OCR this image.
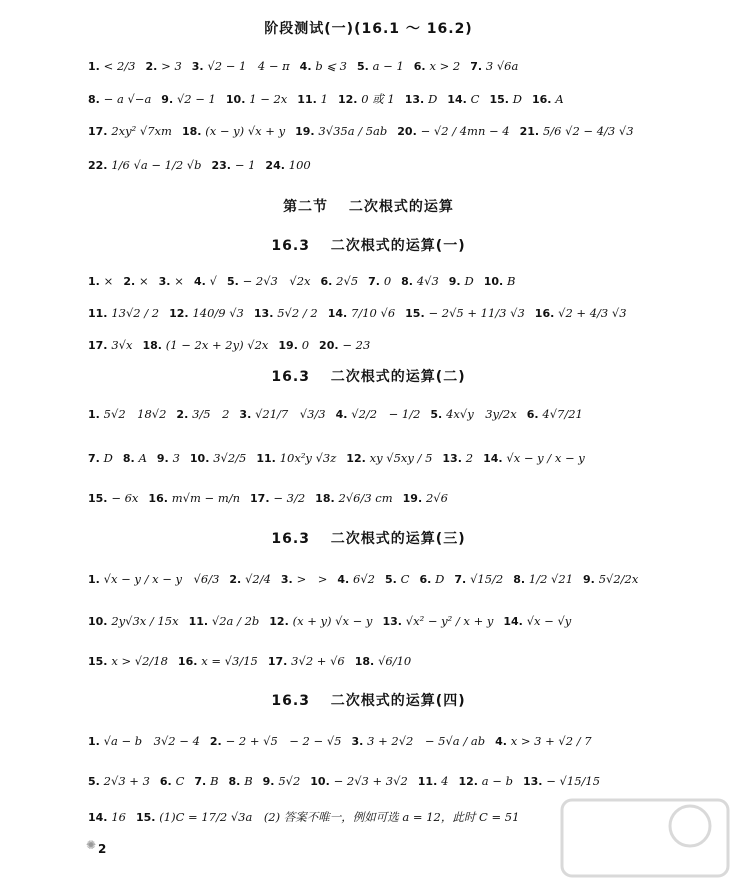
阶段测试(一)(16.1 ～ 16.2)
1. < 2/3 2. > 3 3. √2 − 1　4 − π 4. b ⩽ 3 5. a − 1 6. x > 2 7. 3 √6a
8. − a √−a 9. √2 − 1 10. 1 − 2x 11. 1 12. 0 或 1 13. D 14. C 15. D 16. A
17. 2xy² √7xm 18. (x − y) √x + y 19. 3√35a / 5ab 20. − √2 / 4mn − 4 21. 5/6 √2 − 4/3 √3
22. 1/6 √a − 1/2 √b 23. − 1 24. 100
第二节　 二次根式的运算
16.3　 二次根式的运算(一)
1. × 2. × 3. × 4. √ 5. − 2√3　√2x 6. 2√5 7. 0 8. 4√3 9. D 10. B
11. 13√2 / 2 12. 140/9 √3 13. 5√2 / 2 14. 7/10 √6 15. − 2√5 + 11/3 √3 16. √2 + 4/3 √3
17. 3√x 18. (1 − 2x + 2y) √2x 19. 0 20. − 23
16.3　 二次根式的运算(二)
1. 5√2　18√2 2. 3/5　2 3. √21/7　√3/3 4. √2/2　− 1/2 5. 4x√y　3y/2x 6. 4√7/21
7. D 8. A 9. 3 10. 3√2/5 11. 10x²y √3z 12. xy √5xy / 5 13. 2 14. √x − y / x − y
15. − 6x 16. m√m − m/n 17. − 3/2 18. 2√6/3 cm 19. 2√6
16.3　 二次根式的运算(三)
1. √x − y / x − y　√6/3 2. √2/4 3. >　> 4. 6√2 5. C 6. D 7. √15/2 8. 1/2 √21 9. 5√2/2x
10. 2y√3x / 15x 11. √2a / 2b 12. (x + y) √x − y 13. √x² − y² / x + y 14. √x − √y
15. x > √2/18 16. x = √3/15 17. 3√2 + √6 18. √6/10
16.3　 二次根式的运算(四)
1. √a − b　3√2 − 4 2. − 2 + √5　− 2 − √5 3. 3 + 2√2　− 5√a / ab 4. x > 3 + √2 / 7
5. 2√3 + 3 6. C 7. B 8. B 9. 5√2 10. − 2√3 + 3√2 11. 4 12. a − b 13. − √15/15
14. 16 15. (1)C = 17/2 √3a　(2) 答案不唯一，例如可选 a = 12，此时 C = 51
✺ 2
